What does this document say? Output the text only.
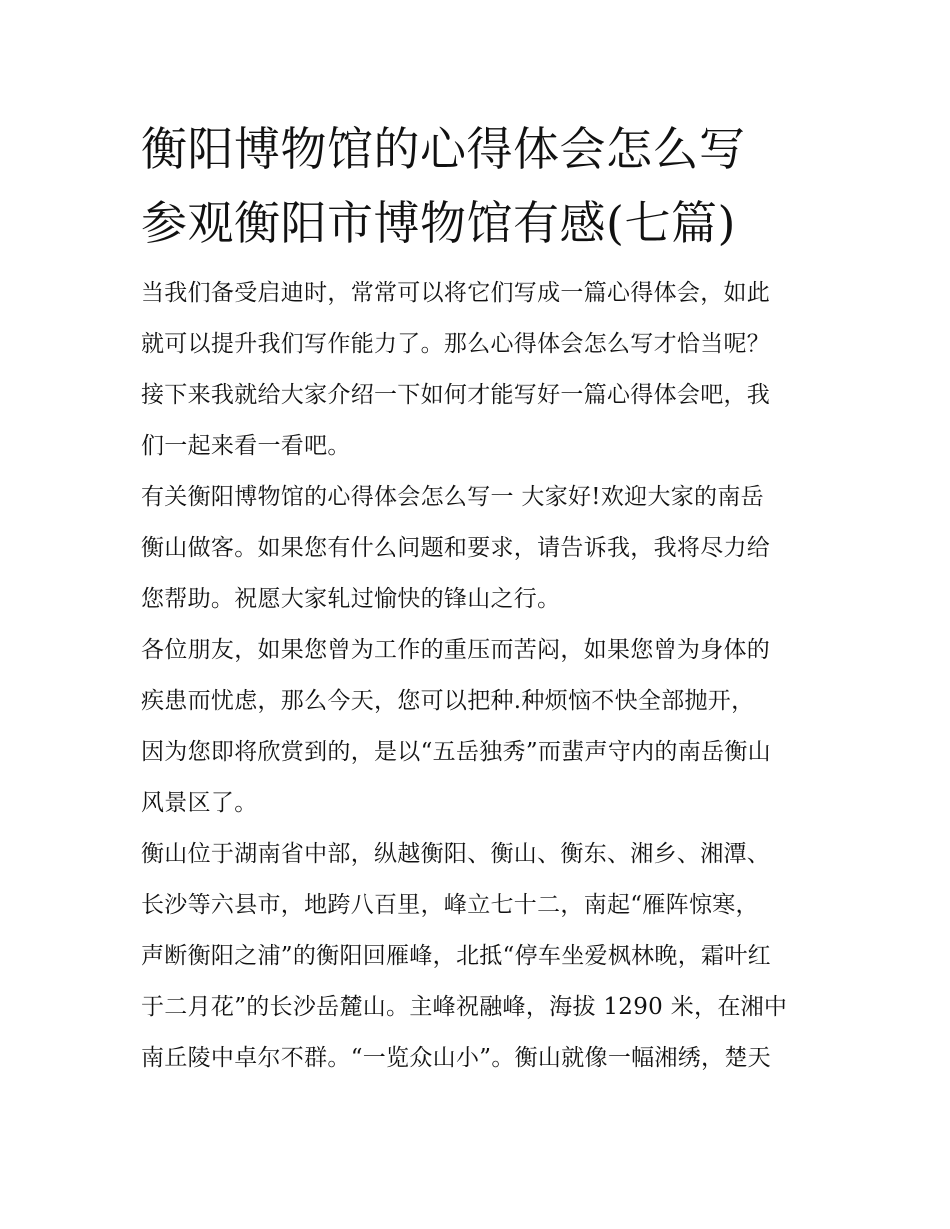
衡阳博物馆的心得体会怎么写
参观衡阳市博物馆有感(七篇)

当我们备受启迪时，常常可以将它们写成一篇心得体会，如此
就可以提升我们写作能力了。那么心得体会怎么写才恰当呢？
接下来我就给大家介绍一下如何才能写好一篇心得体会吧，我
们一起来看一看吧。

有关衡阳博物馆的心得体会怎么写一 大家好!欢迎大家的南岳
衡山做客。如果您有什么问题和要求，请告诉我，我将尽力给
您帮助。祝愿大家轧过愉快的锋山之行。

各位朋友，如果您曾为工作的重压而苦闷，如果您曾为身体的
疾患而忧虑，那么今天，您可以把种.种烦恼不快全部抛开，
因为您即将欣赏到的，是以“五岳独秀”而蜚声守内的南岳衡山
风景区了。

衡山位于湖南省中部，纵越衡阳、衡山、衡东、湘乡、湘潭、
长沙等六县市，地跨八百里，峰立七十二，南起“雁阵惊寒，
声断衡阳之浦”的衡阳回雁峰，北抵“停车坐爱枫林晚，霜叶红
于二月花”的长沙岳麓山。主峰祝融峰，海拔 1290 米，在湘中
南丘陵中卓尔不群。“一览众山小”。衡山就像一幅湘绣，楚天
